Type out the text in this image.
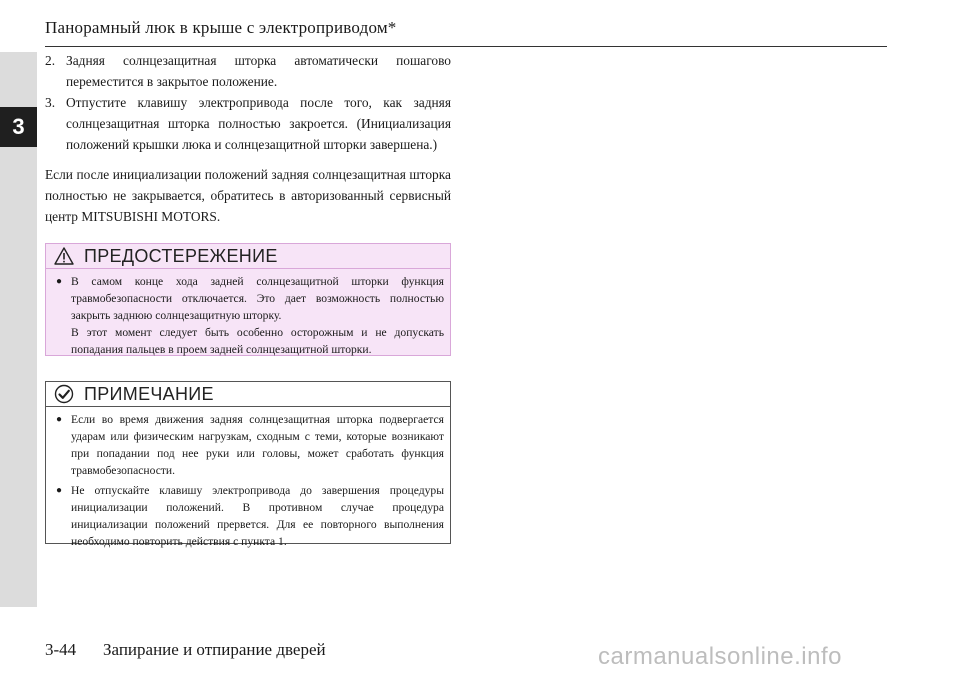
3
Панорамный люк в крыше с электроприводом*
2. Задняя солнцезащитная шторка автоматически пошагово переместится в закрытое положение.
3. Отпустите клавишу электропривода после того, как задняя солнцезащитная шторка полностью закроется. (Инициализация положений крышки люка и солнцезащитной шторки завершена.)

Если после инициализации положений задняя солнцезащитная шторка полностью не закрывается, обратитесь в авторизованный сервисный центр MITSUBISHI MOTORS.

ПРЕДОСТЕРЕЖЕНИЕ
● В самом конце хода задней солнцезащитной шторки функция травмобезопасности отключается. Это дает возможность полностью закрыть заднюю солнцезащитную шторку.

В этот момент следует быть особенно осторожным и не допускать попадания пальцев в проем задней солнцезащитной шторки.

ПРИМЕЧАНИЕ
● Если во время движения задняя солнцезащитная шторка подвергается ударам или физическим нагрузкам, сходным с теми, которые возникают при попадании под нее руки или головы, может сработать функция травмобезопасности.
● Не отпускайте клавишу электропривода до завершения процедуры инициализации положений. В противном случае процедура инициализации положений прервется. Для ее повторного выполнения необходимо повторить действия с пункта 1.
3-44 Запирание и отпирание дверей	carmanualsonline.info
